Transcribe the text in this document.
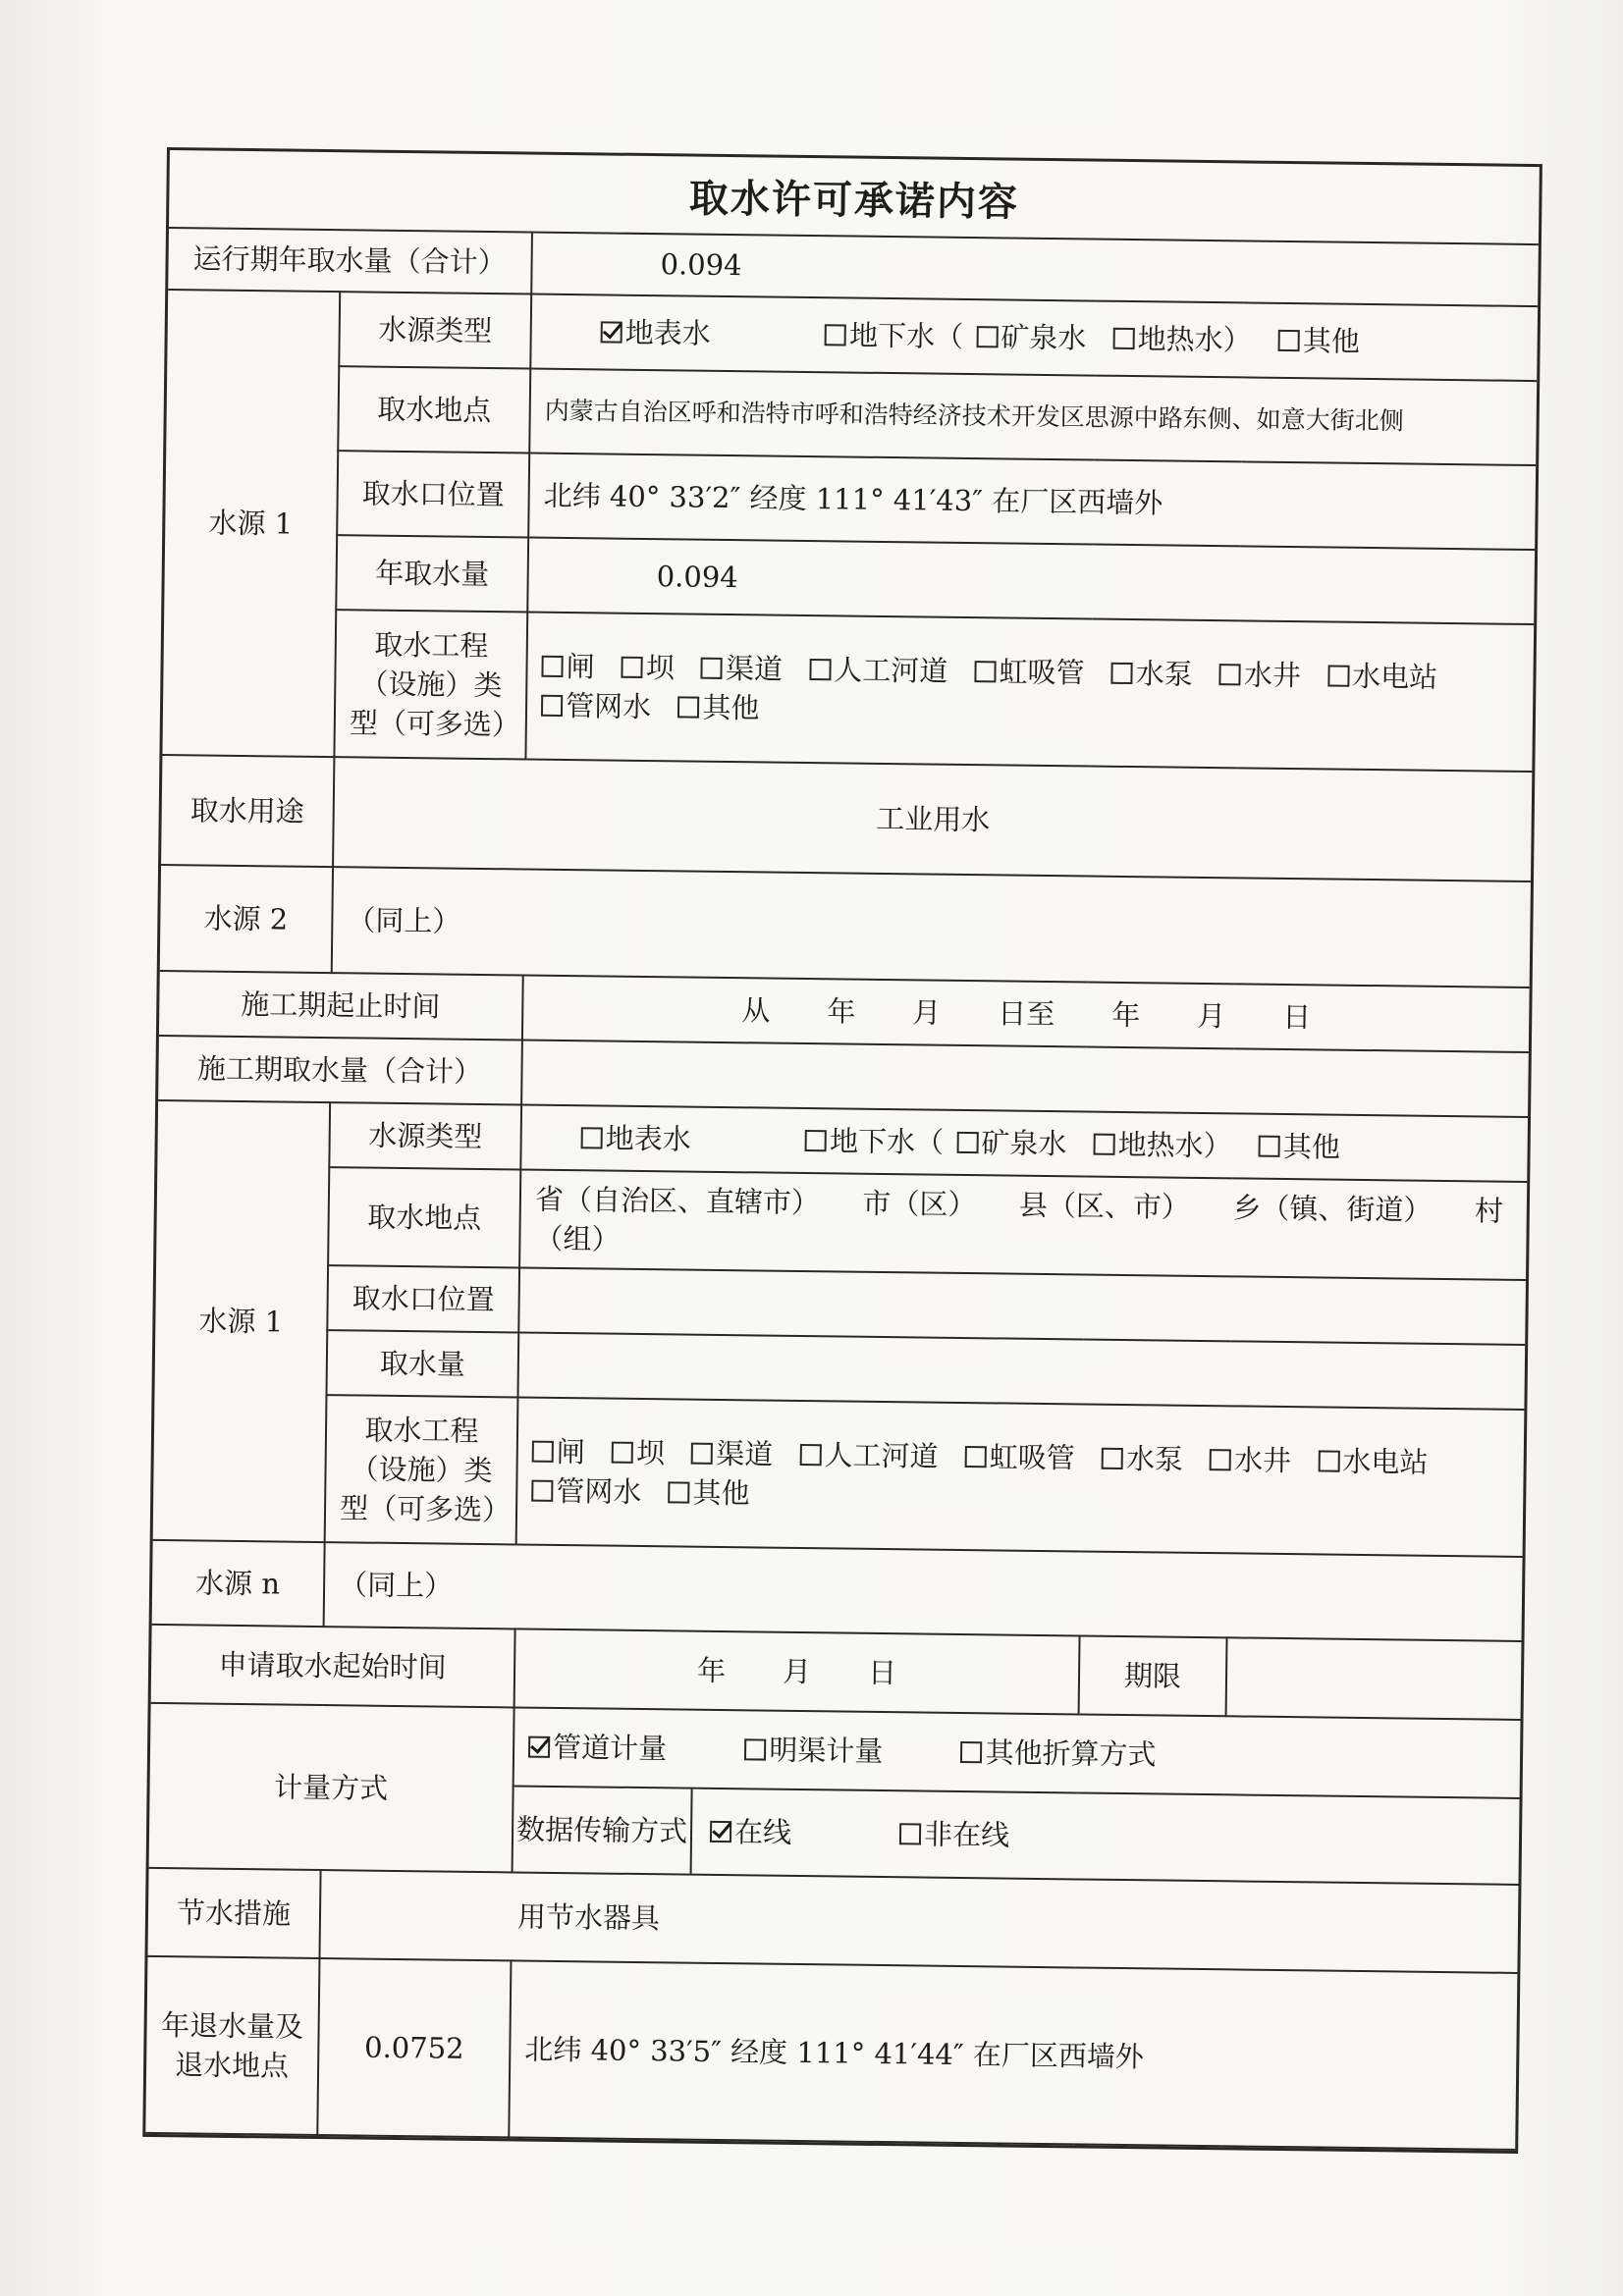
取水许可承诺内容
运行期年取水量（合计）		0.094		
水源 1	水源类型	地表水 地下水（ 矿泉水 地热水） 其他		
	取水地点	内蒙古自治区呼和浩特市呼和浩特经济技术开发区思源中路东侧、如意大街北侧		
	取水口位置	北纬 40° 33′2″ 经度 111° 41′43″ 在厂区西墙外		
	年取水量	0.094		
	取水工程（设施）类型（可多选）	闸 坝 渠道 人工河道 虹吸管 水泵 水井 水电站 管网水 其他		
取水用途	工业用水			
水源 2	（同上）			
施工期起止时间		从　　年　　月　　日至　　年　　月　　日		
施工期取水量（合计）				
水源 1	水源类型	地表水 地下水（ 矿泉水 地热水） 其他		
	取水地点	省（自治区、直辖市）　　市（区）　　县（区、市）　　乡（镇、街道）　　村（组）		
	取水口位置			
	取水量			
	取水工程（设施）类型（可多选）	闸 坝 渠道 人工河道 虹吸管 水泵 水井 水电站 管网水 其他		
水源 n	（同上）			
申请取水起始时间		年　　月　　日	期限	
计量方式		管道计量 明渠计量 其他折算方式		

数据传输方式 在线 非在线		

节水措施	用节水器具			
年退水量及退水地点	0.0752	北纬 40° 33′5″ 经度 111° 41′44″ 在厂区西墙外		
